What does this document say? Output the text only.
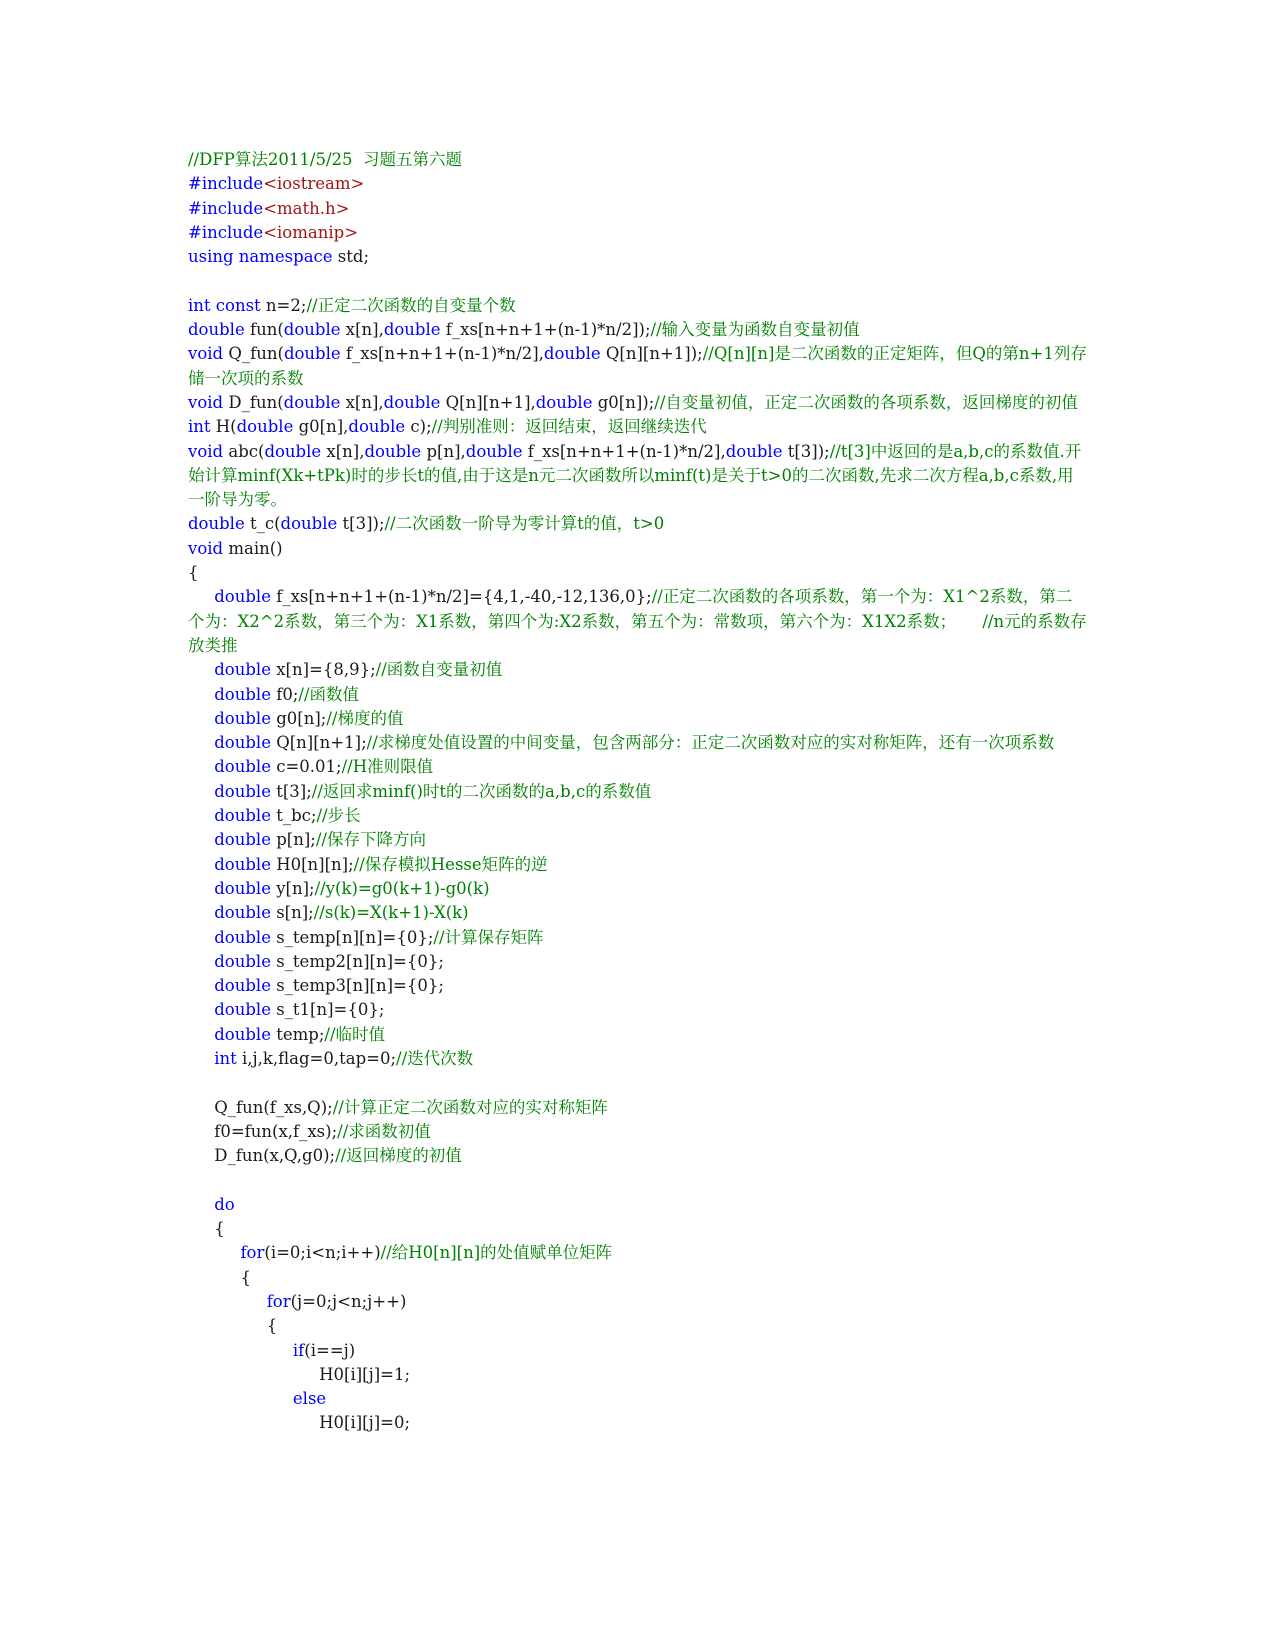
//DFP算法2011/5/25  习题五第六题
#include<iostream>
#include<math.h>
#include<iomanip>
using namespace std;
int const n=2;//正定二次函数的自变量个数
double fun(double x[n],double f_xs[n+n+1+(n-1)*n/2]);//输入变量为函数自变量初值
void Q_fun(double f_xs[n+n+1+(n-1)*n/2],double Q[n][n+1]);//Q[n][n]是二次函数的正定矩阵，但Q的第n+1列存储一次项的系数
void D_fun(double x[n],double Q[n][n+1],double g0[n]);//自变量初值，正定二次函数的各项系数，返回梯度的初值
int H(double g0[n],double c);//判别准则：返回结束，返回继续迭代
void abc(double x[n],double p[n],double f_xs[n+n+1+(n-1)*n/2],double t[3]);//t[3]中返回的是a,b,c的系数值.开始计算minf(Xk+tPk)时的步长t的值,由于这是n元二次函数所以minf(t)是关于t>0的二次函数,先求二次方程a,b,c系数,用一阶导为零。
double t_c(double t[3]);//二次函数一阶导为零计算t的值，t>0
void main()
{
double f_xs[n+n+1+(n-1)*n/2]={4,1,-40,-12,136,0};//正定二次函数的各项系数，第一个为：X1^2系数，第二个为：X2^2系数，第三个为：X1系数，第四个为:X2系数，第五个为：常数项，第六个为：X1X2系数；     //n元的系数存放类推
double x[n]={8,9};//函数自变量初值
double f0;//函数值
double g0[n];//梯度的值
double Q[n][n+1];//求梯度处值设置的中间变量，包含两部分：正定二次函数对应的实对称矩阵，还有一次项系数
double c=0.01;//H准则限值
double t[3];//返回求minf()时t的二次函数的a,b,c的系数值
double t_bc;//步长
double p[n];//保存下降方向
double H0[n][n];//保存模拟Hesse矩阵的逆
double y[n];//y(k)=g0(k+1)-g0(k)
double s[n];//s(k)=X(k+1)-X(k)
double s_temp[n][n]={0};//计算保存矩阵
double s_temp2[n][n]={0};
double s_temp3[n][n]={0};
double s_t1[n]={0};
double temp;//临时值
int i,j,k,flag=0,tap=0;//迭代次数
Q_fun(f_xs,Q);//计算正定二次函数对应的实对称矩阵
f0=fun(x,f_xs);//求函数初值
D_fun(x,Q,g0);//返回梯度的初值
do
{
for(i=0;i<n;i++)//给H0[n][n]的处值赋单位矩阵
{
for(j=0;j<n;j++)
{
if(i==j)
H0[i][j]=1;
else
H0[i][j]=0;
